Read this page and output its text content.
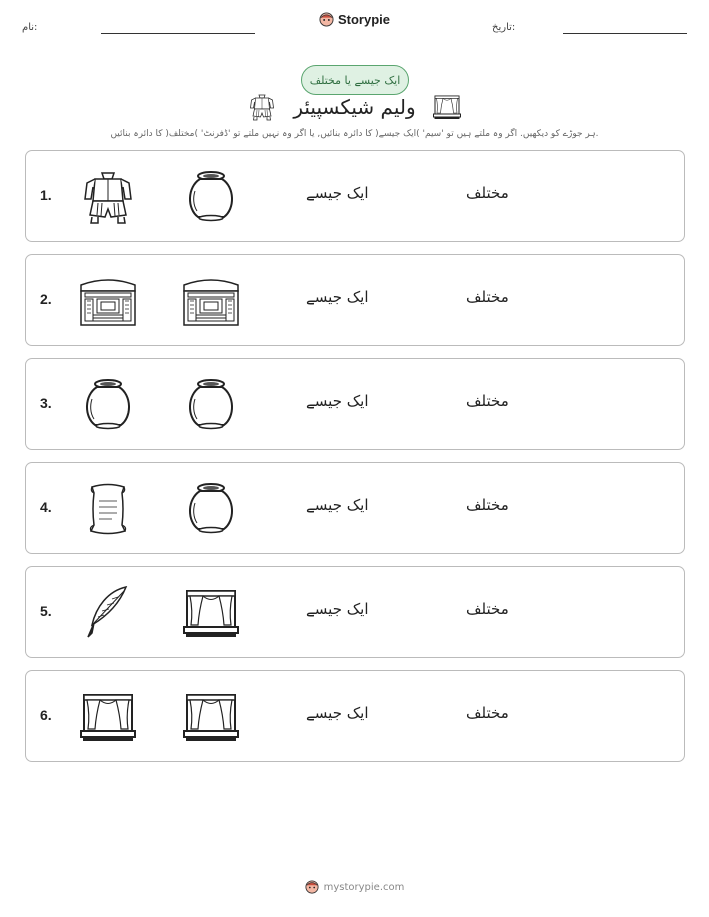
نام:
Storypie
تاریخ:
ایک جیسے یا مختلف
ولیم شیکسپیئر
ہر جوڑے کو دیکھیں. اگر وہ ملتے ہیں تو 'سیم' )ایک جیسے( کا دائرہ بنائیں, یا اگر وہ نہیں ملتے تو 'ڈفرنٹ' )مختلف( کا دائرہ بنائیں.
1.	ایک جیسے	مختلف
2.	ایک جیسے	مختلف
3.	ایک جیسے	مختلف
4.	ایک جیسے	مختلف
5.	ایک جیسے	مختلف
6.	ایک جیسے	مختلف
mystorypie.com
